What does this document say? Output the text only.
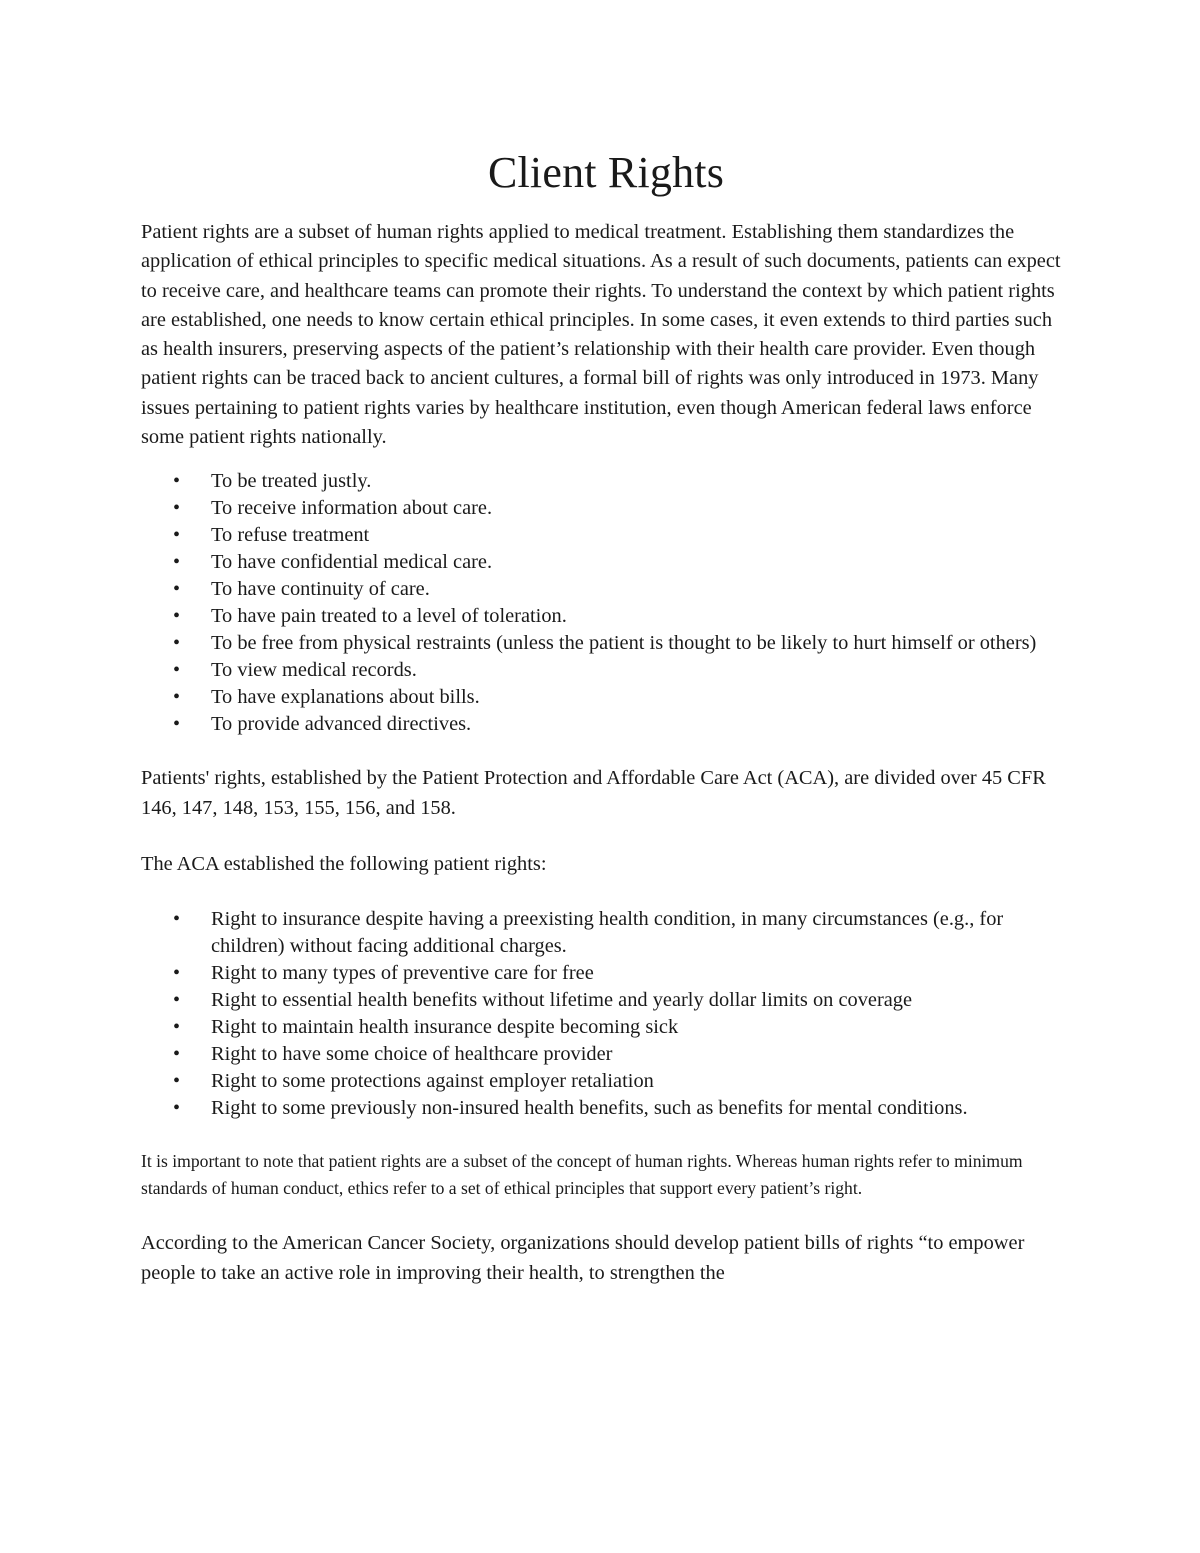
Client Rights

Patient rights are a subset of human rights applied to medical treatment. Establishing them standardizes the application of ethical principles to specific medical situations. As a result of such documents, patients can expect to receive care, and healthcare teams can promote their rights. To understand the context by which patient rights are established, one needs to know certain ethical principles. In some cases, it even extends to third parties such as health insurers, preserving aspects of the patient’s relationship with their health care provider. Even though patient rights can be traced back to ancient cultures, a formal bill of rights was only introduced in 1973. Many issues pertaining to patient rights varies by healthcare institution, even though American federal laws enforce some patient rights nationally.

• To be treated justly.
• To receive information about care.
• To refuse treatment
• To have confidential medical care.
• To have continuity of care.
• To have pain treated to a level of toleration.
• To be free from physical restraints (unless the patient is thought to be likely to hurt himself or others)
• To view medical records.
• To have explanations about bills.
• To provide advanced directives.

Patients' rights, established by the Patient Protection and Affordable Care Act (ACA), are divided over 45 CFR 146, 147, 148, 153, 155, 156, and 158.

The ACA established the following patient rights:

• Right to insurance despite having a preexisting health condition, in many circumstances (e.g., for children) without facing additional charges.
• Right to many types of preventive care for free
• Right to essential health benefits without lifetime and yearly dollar limits on coverage
• Right to maintain health insurance despite becoming sick
• Right to have some choice of healthcare provider
• Right to some protections against employer retaliation
• Right to some previously non-insured health benefits, such as benefits for mental conditions.

It is important to note that patient rights are a subset of the concept of human rights. Whereas human rights refer to minimum standards of human conduct, ethics refer to a set of ethical principles that support every patient’s right.

According to the American Cancer Society, organizations should develop patient bills of rights “to empower people to take an active role in improving their health, to strengthen the
